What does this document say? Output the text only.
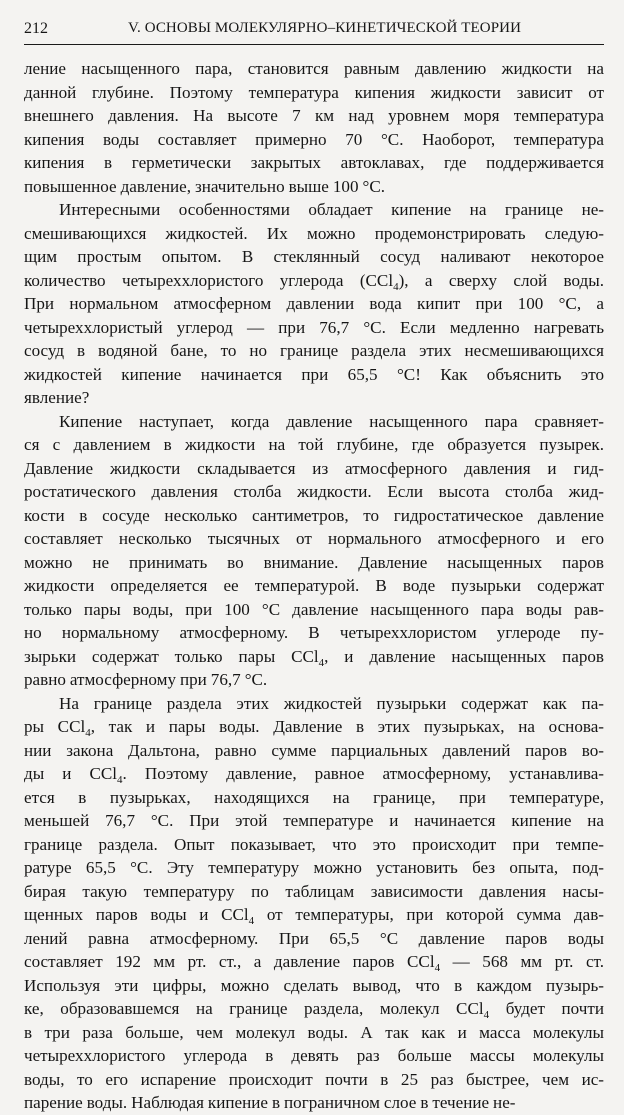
212	V. ОСНОВЫ МОЛЕКУЛЯРНО–КИНЕТИЧЕСКОЙ ТЕОРИИ
ление насыщенного пара, становится равным давлению жидкости на
данной глубине. Поэтому температура кипения жидкости зависит от
внешнего давления. На высоте 7 км над уровнем моря температура
кипения воды составляет примерно 70 °C. Наоборот, температура
кипения в герметически закрытых автоклавах, где поддерживается
повышенное давление, значительно выше 100 °C.
Интересными особенностями обладает кипение на границе не-
смешивающихся жидкостей. Их можно продемонстрировать следую-
щим простым опытом. В стеклянный сосуд наливают некоторое
количество четыреххлористого углерода (CCl$_4$), а сверху слой воды.
При нормальном атмосферном давлении вода кипит при 100 °C, а
четыреххлористый углерод — при 76,7 °C. Если медленно нагревать
сосуд в водяной бане, то но границе раздела этих несмешивающихся
жидкостей кипение начинается при 65,5 °C! Как объяснить это
явление?
Кипение наступает, когда давление насыщенного пара сравняет-
ся с давлением в жидкости на той глубине, где образуется пузырек.
Давление жидкости складывается из атмосферного давления и гид-
ростатического давления столба жидкости. Если высота столба жид-
кости в сосуде несколько сантиметров, то гидростатическое давление
составляет несколько тысячных от нормального атмосферного и его
можно не принимать во внимание. Давление насыщенных паров
жидкости определяется ее температурой. В воде пузырьки содержат
только пары воды, при 100 °C давление насыщенного пара воды рав-
но нормальному атмосферному. В четыреххлористом углероде пу-
зырьки содержат только пары CCl$_4$, и давление насыщенных паров
равно атмосферному при 76,7 °C.
На границе раздела этих жидкостей пузырьки содержат как па-
ры CCl$_4$, так и пары воды. Давление в этих пузырьках, на основа-
нии закона Дальтона, равно сумме парциальных давлений паров во-
ды и CCl$_4$. Поэтому давление, равное атмосферному, устанавлива-
ется в пузырьках, находящихся на границе, при температуре,
меньшей 76,7 °C. При этой температуре и начинается кипение на
границе раздела. Опыт показывает, что это происходит при темпе-
ратуре 65,5 °C. Эту температуру можно установить без опыта, под-
бирая такую температуру по таблицам зависимости давления насы-
щенных паров воды и CCl$_4$ от температуры, при которой сумма дав-
лений равна атмосферному. При 65,5 °C давление паров воды
составляет 192 мм рт. ст., а давление паров CCl$_4$ — 568 мм рт. ст.
Используя эти цифры, можно сделать вывод, что в каждом пузырь-
ке, образовавшемся на границе раздела, молекул CCl$_4$ будет почти
в три раза больше, чем молекул воды. А так как и масса молекулы
четыреххлористого углерода в девять раз больше массы молекулы
воды, то его испарение происходит почти в 25 раз быстрее, чем ис-
парение воды. Наблюдая кипение в пограничном слое в течение не-
